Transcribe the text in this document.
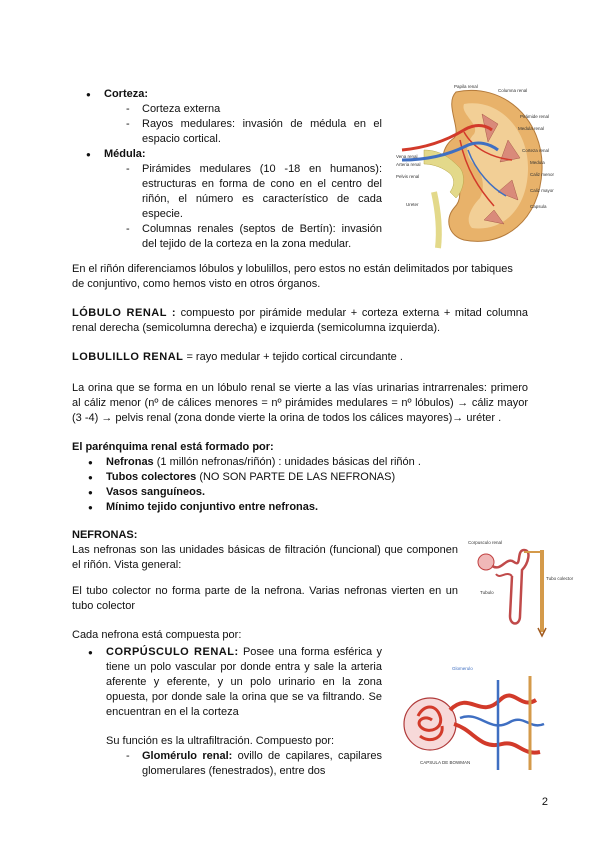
● Corteza:
- Corteza externa
- Rayos medulares: invasión de médula en el espacio cortical.
● Médula:
- Pirámides medulares (10 -18 en humanos): estructuras en forma de cono en el centro del riñón, el número es característico de cada especie.
- Columnas renales (septos de Bertín): invasión del tejido de la corteza en la zona medular.
Papila renal
Columna renal
Pirámide renal
Medula renal
Corteza renal
Vena renal
Arteria renal
Pelvis renal
Medula
Caliz menor
Caliz mayor
Capsula
Ureter

En el riñón diferenciamos lóbulos y lobulillos, pero estos no están delimitados por tabiques de conjuntivo, como hemos visto en otros órganos.

LÓBULO RENAL : compuesto por pirámide medular + corteza externa + mitad columna renal derecha (semicolumna derecha) e izquierda (semicolumna izquierda).

LOBULILLO RENAL = rayo medular + tejido cortical circundante .

La orina que se forma en un lóbulo renal se vierte a las vías urinarias intrarrenales: primero al cáliz menor (nº de cálices menores = nº pirámides medulares = nº lóbulos) → cáliz mayor (3 -4) → pelvis renal (zona donde vierte la orina de todos los cálices mayores)→ uréter .

El parénquima renal está formado por:

● Nefronas (1 millón nefronas/riñón) : unidades básicas del riñón .
● Tubos colectores (NO SON PARTE DE LAS NEFRONAS)
● Vasos sanguíneos.
● Mínimo tejido conjuntivo entre nefronas.

NEFRONAS:

Las nefronas son las unidades básicas de filtración (funcional) que componen el riñón. Vista general:

El tubo colector no forma parte de la nefrona. Varias nefronas vierten en un tubo colector

Cada nefrona está compuesta por:

Corpusculo renal
Tubulo
Tubo colector
● CORPÚSCULO RENAL: Posee una forma esférica y tiene un polo vascular por donde entra y sale la arteria aferente y eferente, y un polo urinario en la zona opuesta, por donde sale la orina que se va filtrando. Se encuentran en el la corteza

Su función es la ultrafiltración. Compuesto por:

- Glomérulo renal: ovillo de capilares, capilares glomerulares (fenestrados), entre dos
Glomerulo
CAPSULA DE BOWMAN
2
